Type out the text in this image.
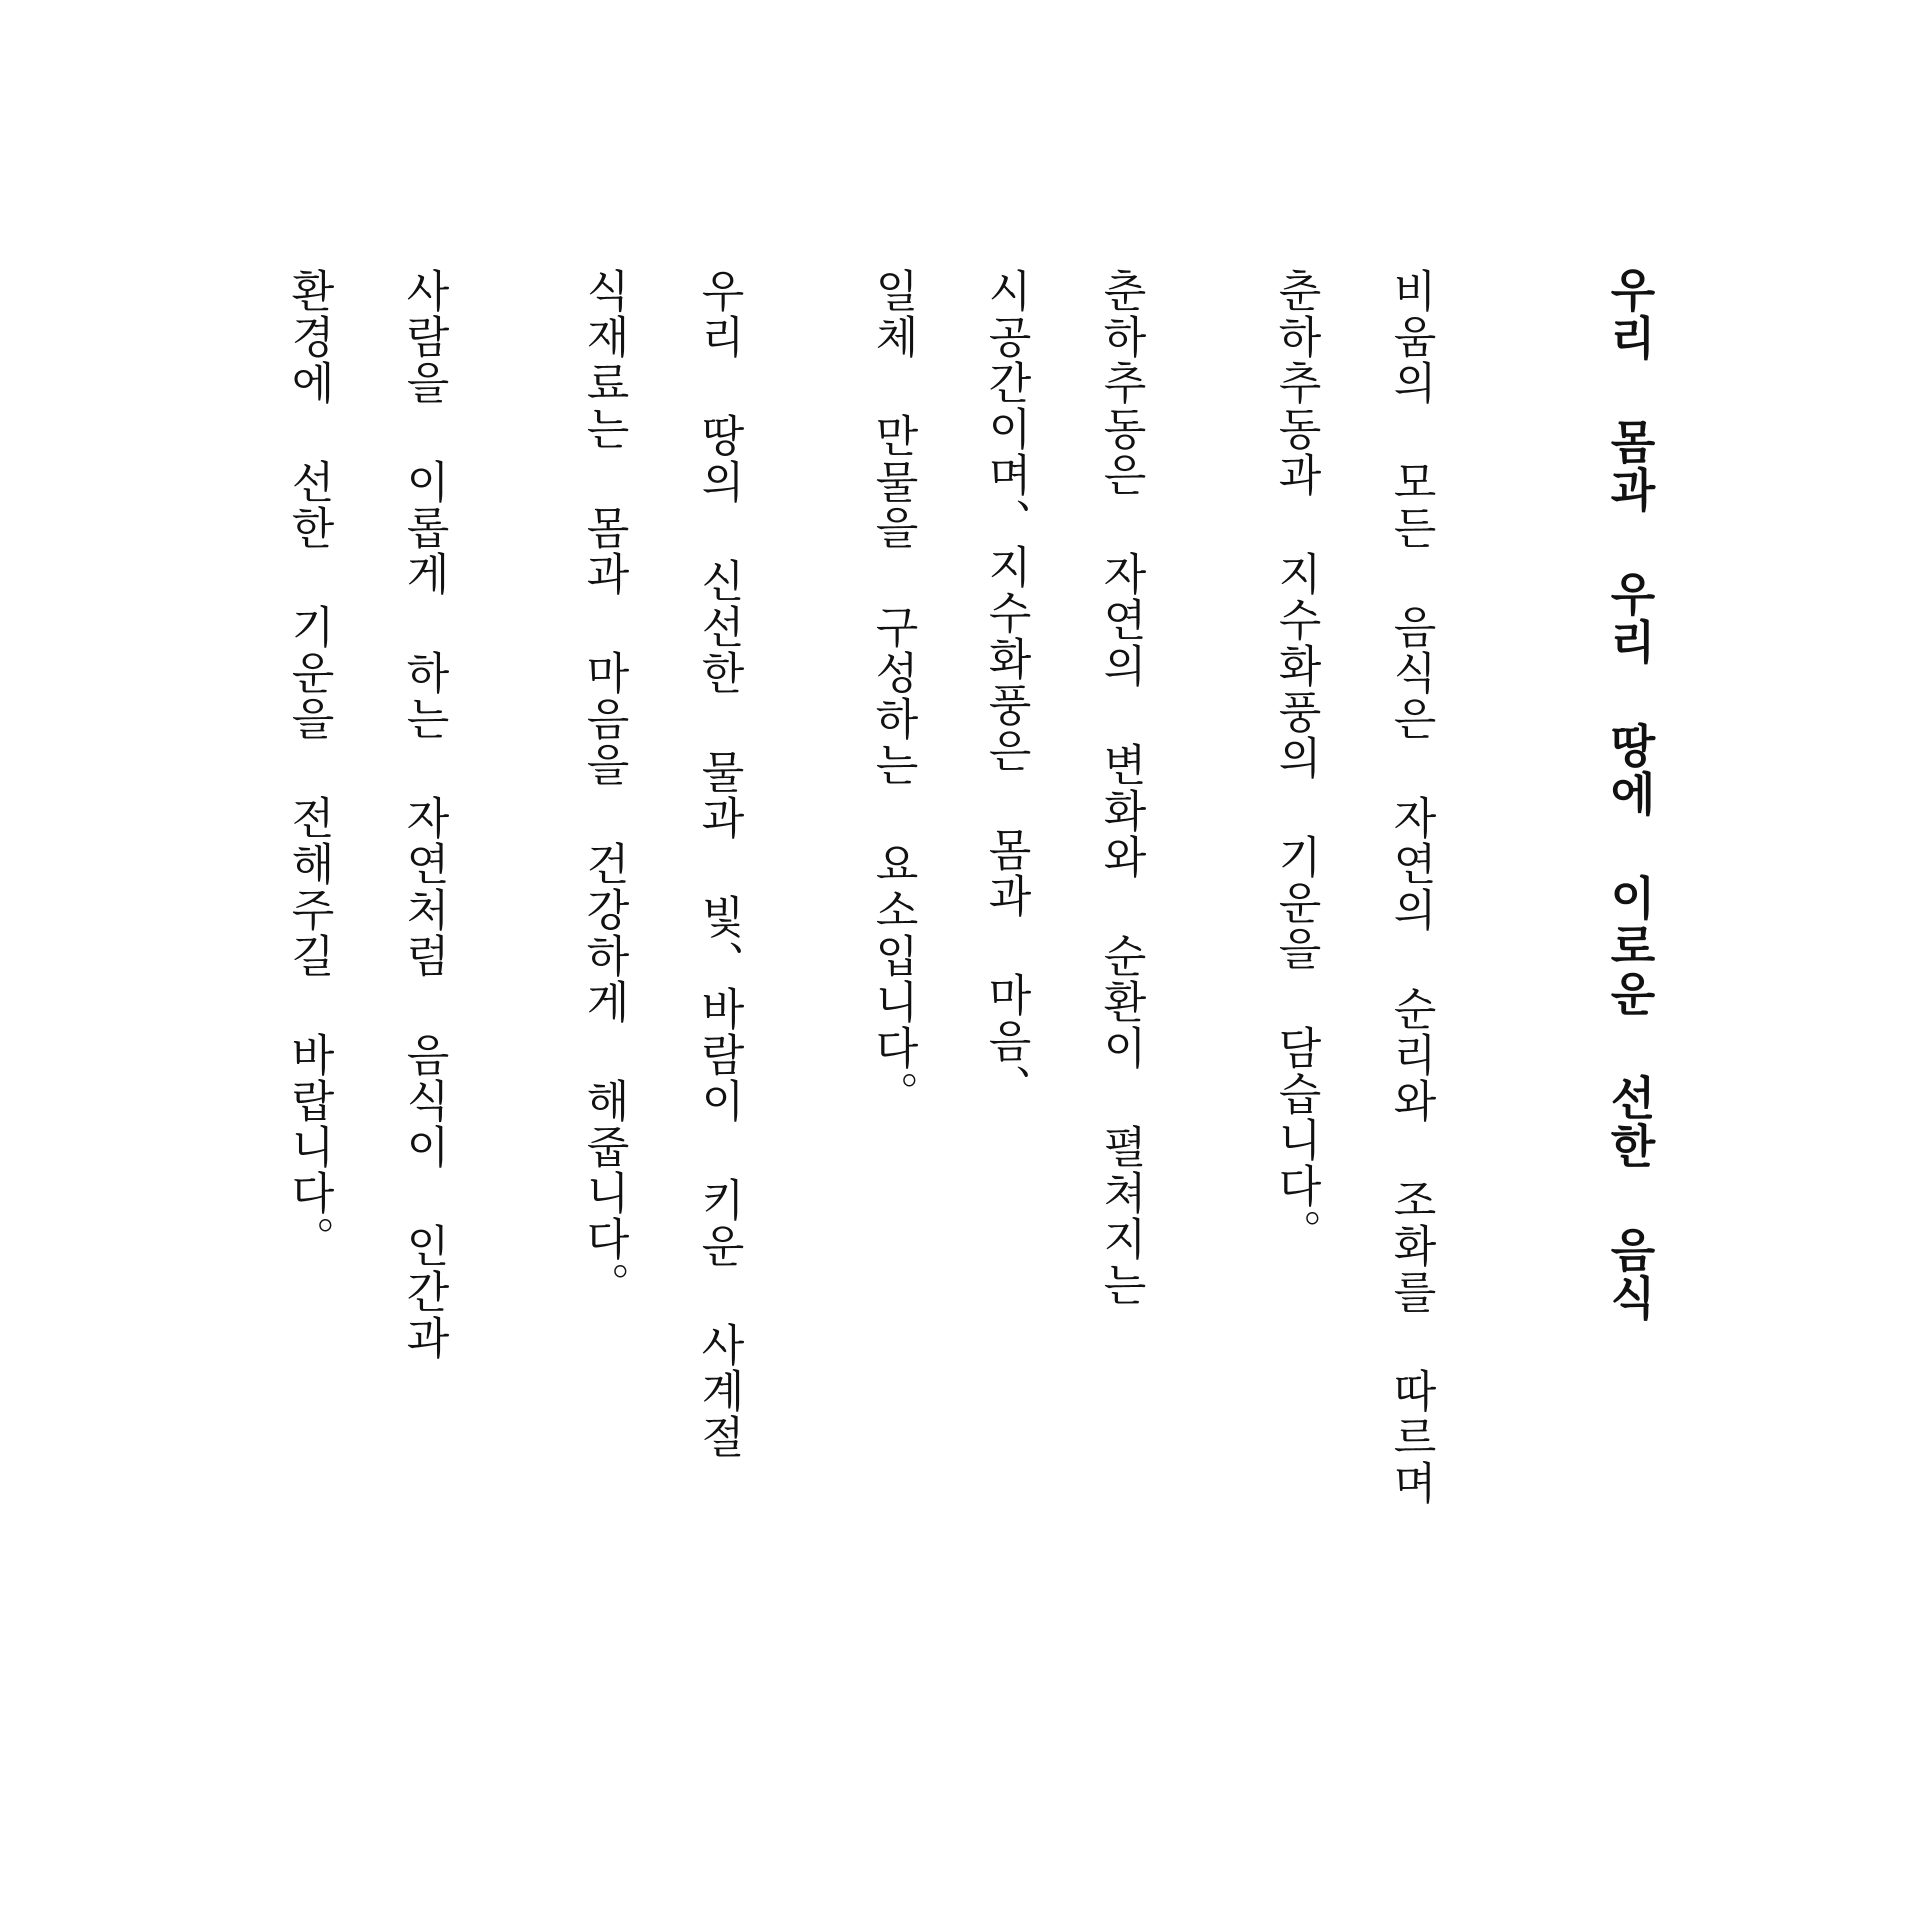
우리 몸과 우리 땅에 이로운 선한 음식
비움의 모든 음식은 자연의 순리와 조화를 따르며
춘하추동과 지수화풍의 기운을 담습니다。
춘하추동은 자연의 변화와 순환이 펼쳐지는
시공간이며、지수화풍은 몸과 마음、
일체 만물을 구성하는 요소입니다。
우리 땅의 신선한 물과 빛、바람이 키운 사계절
식재료는 몸과 마음을 건강하게 해줍니다。
사람을 이롭게 하는 자연처럼 음식이 인간과
환경에 선한 기운을 전해주길 바랍니다。
